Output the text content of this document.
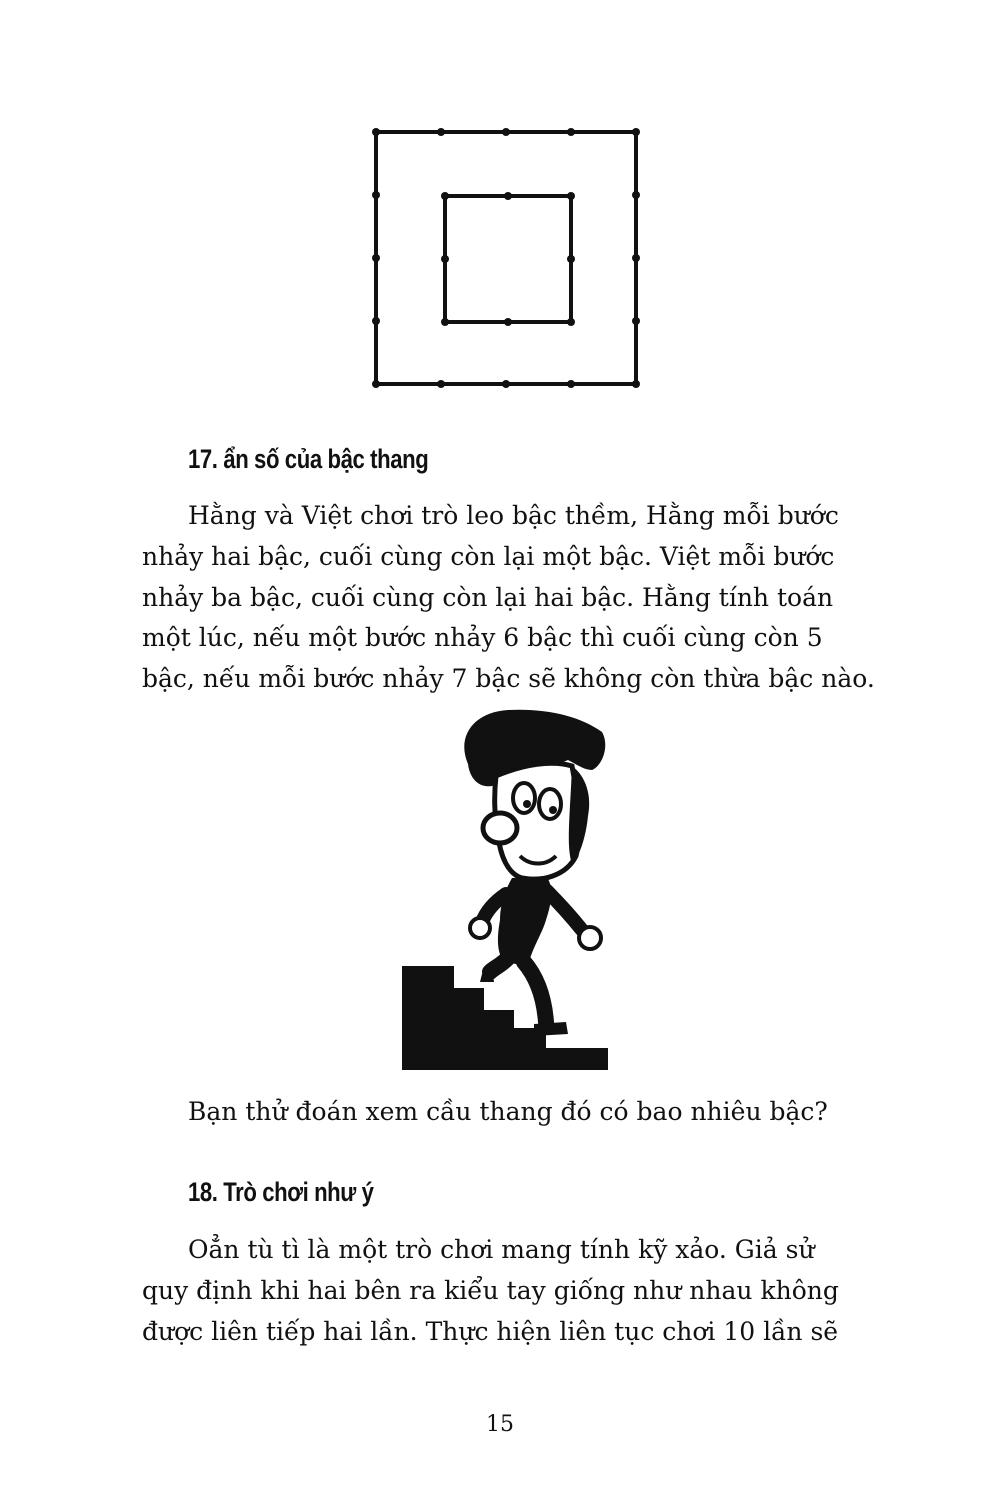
17. ẩn số của bậc thang

Hằng và Việt chơi trò leo bậc thềm, Hằng mỗi bước

nhảy hai bậc, cuối cùng còn lại một bậc. Việt mỗi bước

nhảy ba bậc, cuối cùng còn lại hai bậc. Hằng tính toán

một lúc, nếu một bước nhảy 6 bậc thì cuối cùng còn 5

bậc, nếu mỗi bước nhảy 7 bậc sẽ không còn thừa bậc nào.

Bạn thử đoán xem cầu thang đó có bao nhiêu bậc?

18. Trò chơi như ý

Oẳn tù tì là một trò chơi mang tính kỹ xảo. Giả sử

quy định khi hai bên ra kiểu tay giống như nhau không

được liên tiếp hai lần. Thực hiện liên tục chơi 10 lần sẽ

15
